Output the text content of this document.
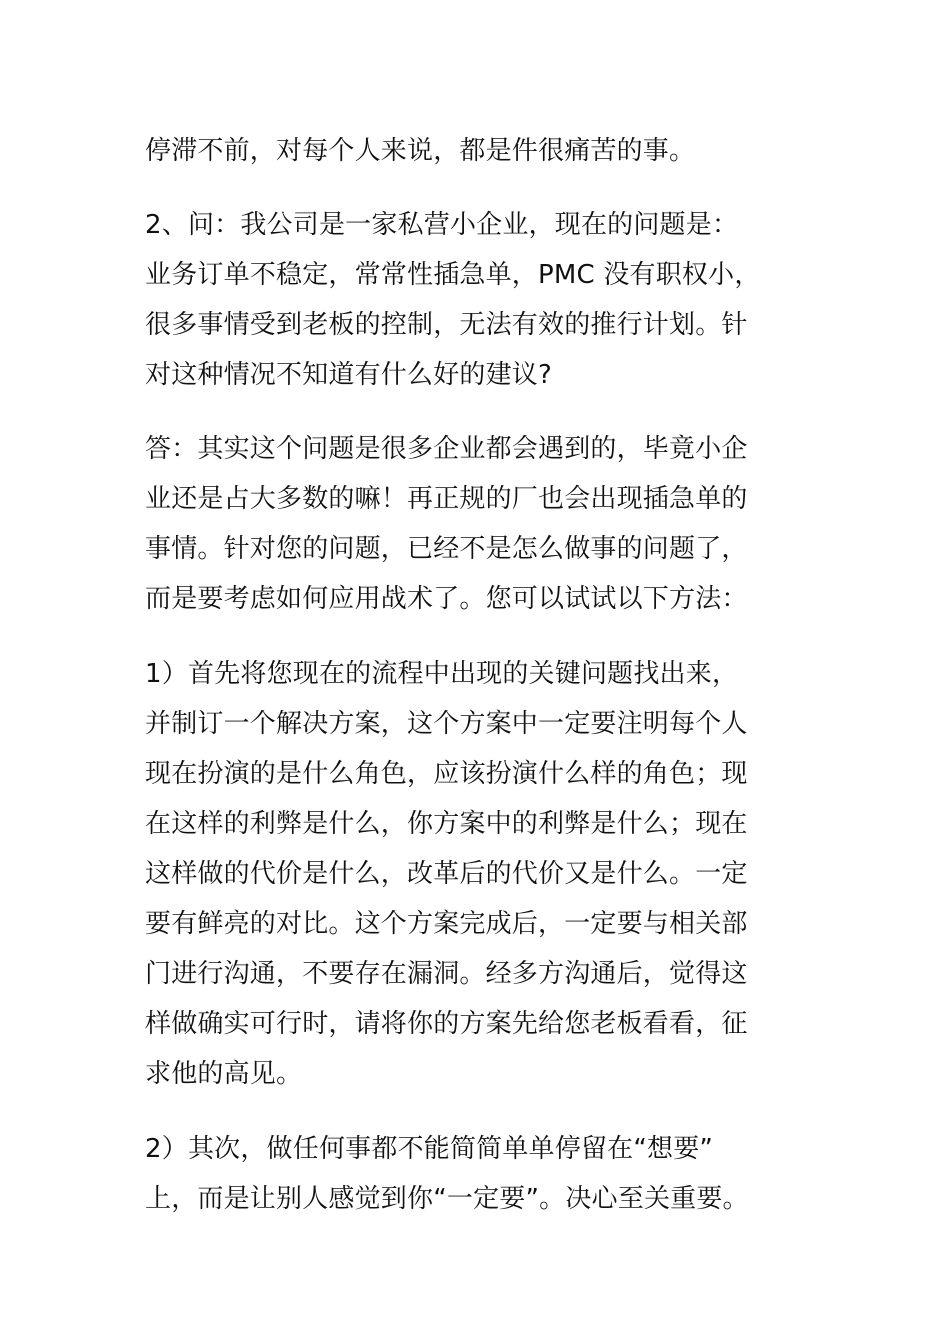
停滞不前，对每个人来说，都是件很痛苦的事。
2、问：我公司是一家私营小企业，现在的问题是：
业务订单不稳定，常常性插急单，PMC 没有职权小，
很多事情受到老板的控制，无法有效的推行计划。针
对这种情况不知道有什么好的建议?
答：其实这个问题是很多企业都会遇到的，毕竟小企
业还是占大多数的嘛！再正规的厂也会出现插急单的
事情。针对您的问题，已经不是怎么做事的问题了，
而是要考虑如何应用战术了。您可以试试以下方法：
1）首先将您现在的流程中出现的关键问题找出来，
并制订一个解决方案，这个方案中一定要注明每个人
现在扮演的是什么角色，应该扮演什么样的角色；现
在这样的利弊是什么，你方案中的利弊是什么；现在
这样做的代价是什么，改革后的代价又是什么。一定
要有鲜亮的对比。这个方案完成后，一定要与相关部
门进行沟通，不要存在漏洞。经多方沟通后，觉得这
样做确实可行时，请将你的方案先给您老板看看，征
求他的高见。
2）其次，做任何事都不能简简单单停留在“想要”
上，而是让别人感觉到你“一定要”。决心至关重要。
